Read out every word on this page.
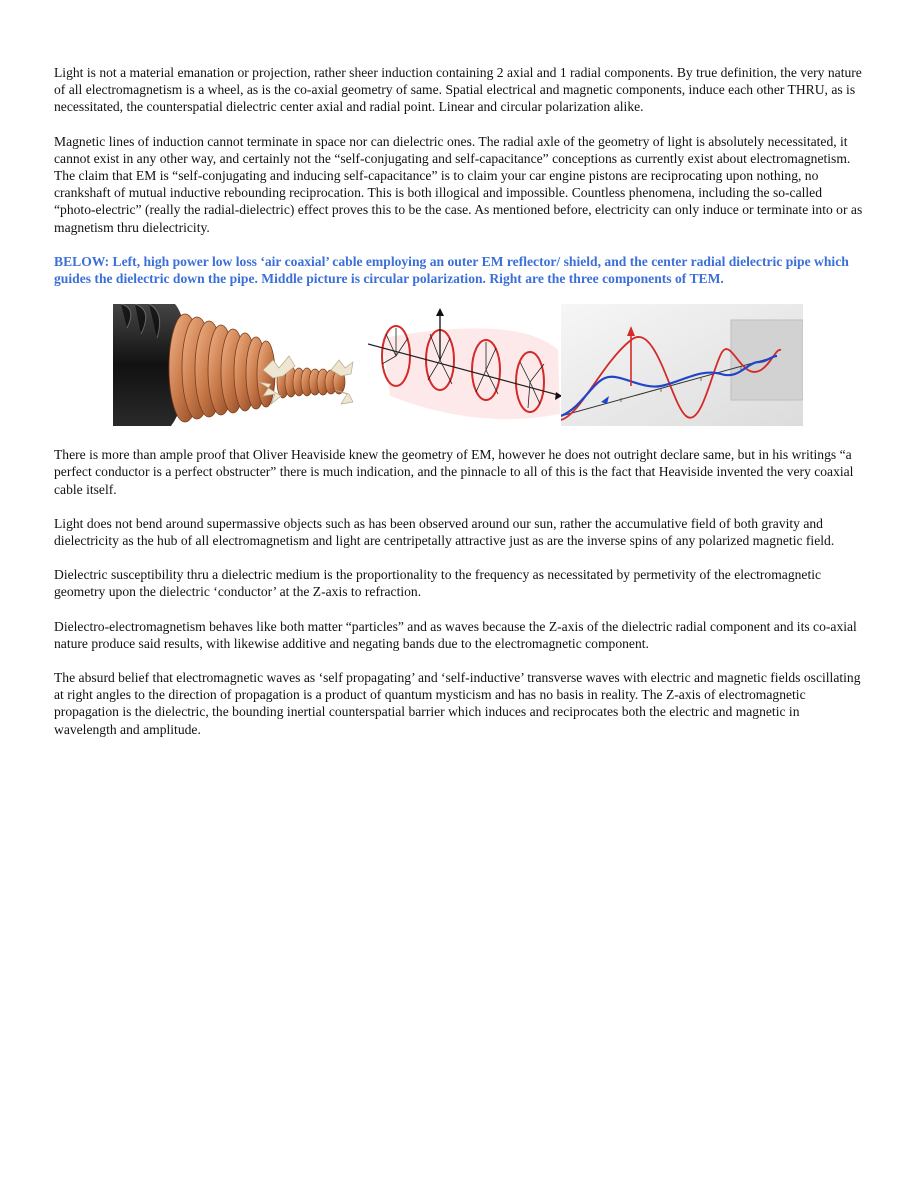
Light is not a material emanation or projection, rather sheer induction containing 2 axial and 1 radial components. By true definition, the very nature of all electromagnetism is a wheel, as is the co-axial geometry of same. Spatial electrical and magnetic components, induce each other THRU, as is necessitated, the counterspatial dielectric center axial and radial point. Linear and circular polarization alike.

Magnetic lines of induction cannot terminate in space nor can dielectric ones. The radial axle of the geometry of light is absolutely necessitated, it cannot exist in any other way, and certainly not the “self-conjugating and self-capacitance” conceptions as currently exist about electromagnetism. The claim that EM is “self-conjugating and inducing self-capacitance” is to claim your car engine pistons are reciprocating upon nothing, no crankshaft of mutual inductive rebounding reciprocation. This is both illogical and impossible. Countless phenomena, including the so-called “photo-electric” (really the radial-dielectric) effect proves this to be the case. As mentioned before, electricity can only induce or terminate into or as magnetism thru dielectricity.

BELOW: Left, high power low loss ‘air coaxial’ cable employing an outer EM reflector/ shield, and the center radial dielectric pipe which guides the dielectric down the pipe. Middle picture is circular polarization. Right are the three components of TEM.

There is more than ample proof that Oliver Heaviside knew the geometry of EM, however he does not outright declare same, but in his writings “a perfect conductor is a perfect obstructer” there is much indication, and the pinnacle to all of this is the fact that Heaviside invented the very coaxial cable itself.

Light does not bend around supermassive objects such as has been observed around our sun, rather the accumulative field of both gravity and dielectricity as the hub of all electromagnetism and light are centripetally attractive just as are the inverse spins of any polarized magnetic field.

Dielectric susceptibility thru a dielectric medium is the proportionality to the frequency as necessitated by permetivity of the electromagnetic geometry upon the dielectric ‘conductor’ at the Z-axis to refraction.

Dielectro-electromagnetism behaves like both matter “particles” and as waves because the Z-axis of the dielectric radial component and its co-axial nature produce said results, with likewise additive and negating bands due to the electromagnetic component.

The absurd belief that electromagnetic waves as ‘self propagating’ and ‘self-inductive’ transverse waves with electric and magnetic fields oscillating at right angles to the direction of propagation is a product of quantum mysticism and has no basis in reality. The Z-axis of electromagnetic propagation is the dielectric, the bounding inertial counterspatial barrier which induces and reciprocates both the electric and magnetic in wavelength and amplitude.
